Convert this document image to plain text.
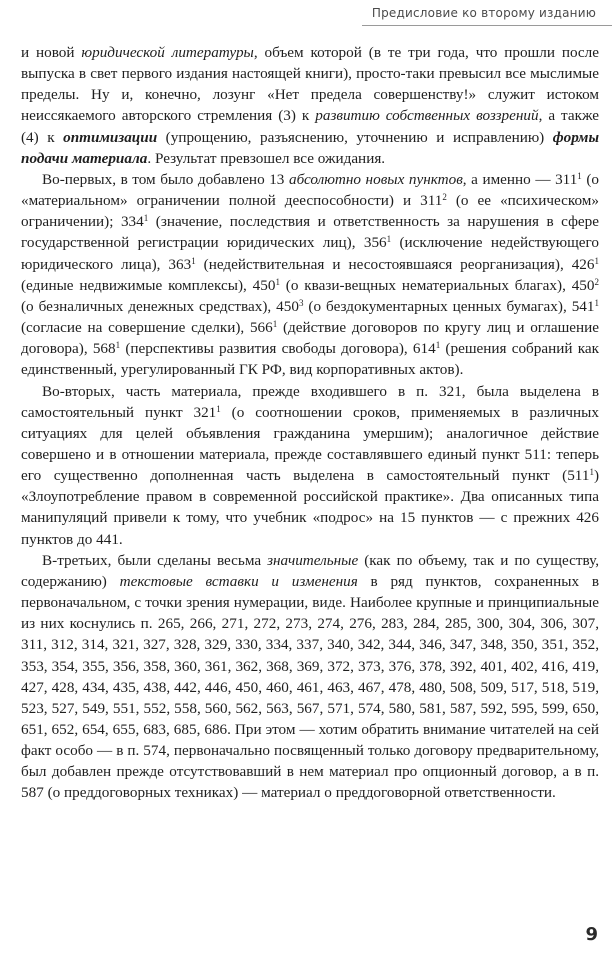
Предисловие ко второму изданию

и новой юридической литературы, объем которой (в те три года, что прошли после выпуска в свет первого издания настоящей книги), просто-таки превысил все мыслимые пределы. Ну и, конечно, лозунг «Нет предела совершенству!» служит истоком неиссякаемого авторского стремления (3) к развитию собственных воззрений, а также (4) к оптимизации (упрощению, разъяснению, уточнению и исправлению) формы подачи материала. Результат превзошел все ожидания.

Во-первых, в том было добавлено 13 абсолютно новых пунктов, а именно — $311^1$ (о «материальном» ограничении полной дееспособности) и $311^2$ (о ее «психическом» ограничении); $334^1$ (значение, последствия и ответственность за нарушения в сфере государственной регистрации юридических лиц), $356^1$ (исключение недействующего юридического лица), $363^1$ (недействительная и несостоявшаяся реорганизация), $426^1$ (единые недвижимые комплексы), $450^1$ (о квази-вещных нематериальных благах), $450^2$ (о безналичных денежных средствах), $450^3$ (о бездокументарных ценных бумагах), $541^1$ (согласие на совершение сделки), $566^1$ (действие договоров по кругу лиц и оглашение договора), $568^1$ (перспективы развития свободы договора), $614^1$ (решения собраний как единственный, урегулированный ГК РФ, вид корпоративных актов).

Во-вторых, часть материала, прежде входившего в п. 321, была выделена в самостоятельный пункт $321^1$ (о соотношении сроков, применяемых в различных ситуациях для целей объявления гражданина умершим); аналогичное действие совершено и в отношении материала, прежде составлявшего единый пункт 511: теперь его существенно дополненная часть выделена в самостоятельный пункт $(511^1)$ «Злоупотребление правом в современной российской практике». Два описанных типа манипуляций привели к тому, что учебник «подрос» на 15 пунктов — с прежних 426 пунктов до 441.

В-третьих, были сделаны весьма значительные (как по объему, так и по существу, содержанию) текстовые вставки и изменения в ряд пунктов, сохраненных в первоначальном, с точки зрения нумерации, виде. Наиболее крупные и принципиальные из них коснулись п. 265, 266, 271, 272, 273, 274, 276, 283, 284, 285, 300, 304, 306, 307, 311, 312, 314, 321, 327, 328, 329, 330, 334, 337, 340, 342, 344, 346, 347, 348, 350, 351, 352, 353, 354, 355, 356, 358, 360, 361, 362, 368, 369, 372, 373, 376, 378, 392, 401, 402, 416, 419, 427, 428, 434, 435, 438, 442, 446, 450, 460, 461, 463, 467, 478, 480, 508, 509, 517, 518, 519, 523, 527, 549, 551, 552, 558, 560, 562, 563, 567, 571, 574, 580, 581, 587, 592, 595, 599, 650, 651, 652, 654, 655, 683, 685, 686. При этом — хотим обратить внимание читателей на сей факт особо — в п. 574, первоначально посвященный только договору предварительному, был добавлен прежде отсутствовавший в нем материал про опционный договор, а в п. 587 (о преддоговорных техниках) — материал о преддоговорной ответственности.

9
